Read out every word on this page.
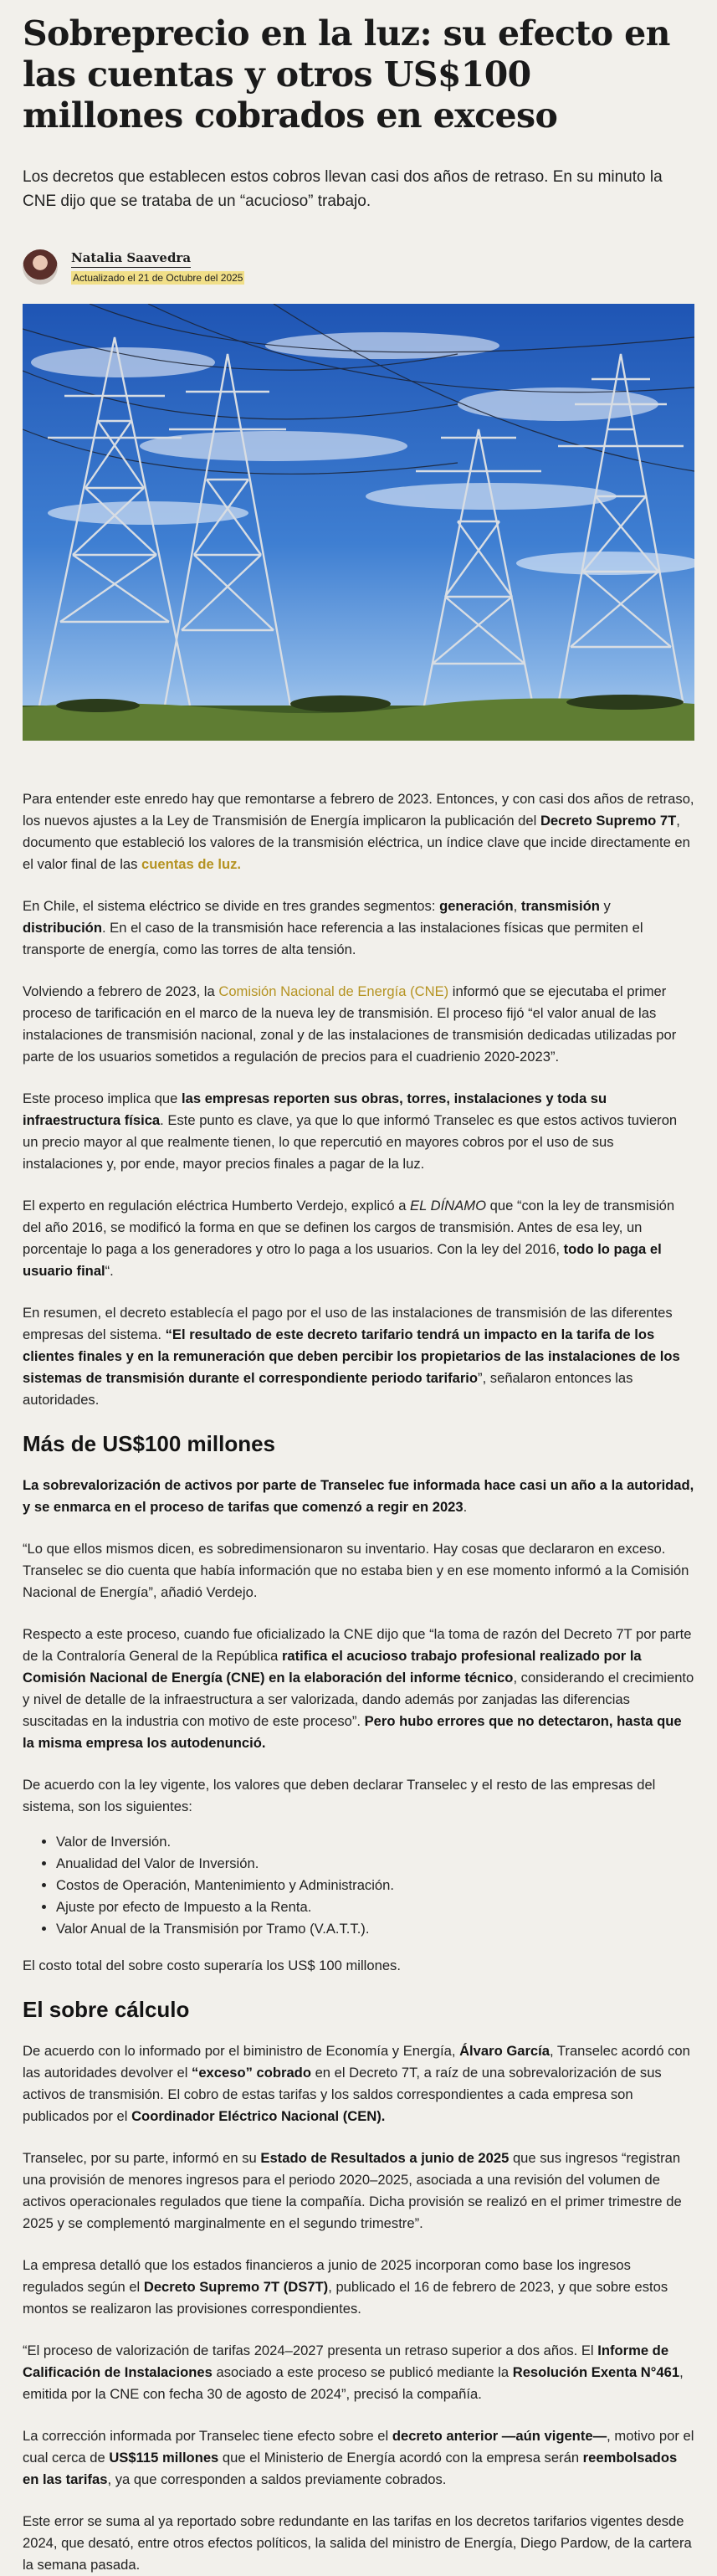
Sobreprecio en la luz: su efecto en las cuentas y otros US$100 millones cobrados en exceso

Los decretos que establecen estos cobros llevan casi dos años de retraso. En su minuto la CNE dijo que se trataba de un “acucioso” trabajo.

Natalia Saavedra
Actualizado el 21 de Octubre del 2025

Para entender este enredo hay que remontarse a febrero de 2023. Entonces, y con casi dos años de retraso, los nuevos ajustes a la Ley de Transmisión de Energía implicaron la publicación del Decreto Supremo 7T, documento que estableció los valores de la transmisión eléctrica, un índice clave que incide directamente en el valor final de las cuentas de luz.

En Chile, el sistema eléctrico se divide en tres grandes segmentos: generación, transmisión y distribución. En el caso de la transmisión hace referencia a las instalaciones físicas que permiten el transporte de energía, como las torres de alta tensión.

Volviendo a febrero de 2023, la Comisión Nacional de Energía (CNE) informó que se ejecutaba el primer proceso de tarificación en el marco de la nueva ley de transmisión. El proceso fijó “el valor anual de las instalaciones de transmisión nacional, zonal y de las instalaciones de transmisión dedicadas utilizadas por parte de los usuarios sometidos a regulación de precios para el cuadrienio 2020-2023”.

Este proceso implica que las empresas reporten sus obras, torres, instalaciones y toda su infraestructura física. Este punto es clave, ya que lo que informó Transelec es que estos activos tuvieron un precio mayor al que realmente tienen, lo que repercutió en mayores cobros por el uso de sus instalaciones y, por ende, mayor precios finales a pagar de la luz.

El experto en regulación eléctrica Humberto Verdejo, explicó a EL DÍNAMO que “con la ley de transmisión del año 2016, se modificó la forma en que se definen los cargos de transmisión. Antes de esa ley, un porcentaje lo paga a los generadores y otro lo paga a los usuarios. Con la ley del 2016, todo lo paga el usuario final“.

En resumen, el decreto establecía el pago por el uso de las instalaciones de transmisión de las diferentes empresas del sistema. “El resultado de este decreto tarifario tendrá un impacto en la tarifa de los clientes finales y en la remuneración que deben percibir los propietarios de las instalaciones de los sistemas de transmisión durante el correspondiente periodo tarifario”, señalaron entonces las autoridades.

Más de US$100 millones

La sobrevalorización de activos por parte de Transelec fue informada hace casi un año a la autoridad, y se enmarca en el proceso de tarifas que comenzó a regir en 2023.

“Lo que ellos mismos dicen, es sobredimensionaron su inventario. Hay cosas que declararon en exceso. Transelec se dio cuenta que había información que no estaba bien y en ese momento informó a la Comisión Nacional de Energía”, añadió Verdejo.

Respecto a este proceso, cuando fue oficializado la CNE dijo que “la toma de razón del Decreto 7T por parte de la Contraloría General de la República ratifica el acucioso trabajo profesional realizado por la Comisión Nacional de Energía (CNE) en la elaboración del informe técnico, considerando el crecimiento y nivel de detalle de la infraestructura a ser valorizada, dando además por zanjadas las diferencias suscitadas en la industria con motivo de este proceso”. Pero hubo errores que no detectaron, hasta que la misma empresa los autodenunció.

De acuerdo con la ley vigente, los valores que deben declarar Transelec y el resto de las empresas del sistema, son los siguientes:

• Valor de Inversión.
• Anualidad del Valor de Inversión.
• Costos de Operación, Mantenimiento y Administración.
• Ajuste por efecto de Impuesto a la Renta.
• Valor Anual de la Transmisión por Tramo (V.A.T.T.).

El costo total del sobre costo superaría los US$ 100 millones.

El sobre cálculo

De acuerdo con lo informado por el biministro de Economía y Energía, Álvaro García, Transelec acordó con las autoridades devolver el “exceso” cobrado en el Decreto 7T, a raíz de una sobrevalorización de sus activos de transmisión. El cobro de estas tarifas y los saldos correspondientes a cada empresa son publicados por el Coordinador Eléctrico Nacional (CEN).

Transelec, por su parte, informó en su Estado de Resultados a junio de 2025 que sus ingresos “registran una provisión de menores ingresos para el periodo 2020–2025, asociada a una revisión del volumen de activos operacionales regulados que tiene la compañía. Dicha provisión se realizó en el primer trimestre de 2025 y se complementó marginalmente en el segundo trimestre”.

La empresa detalló que los estados financieros a junio de 2025 incorporan como base los ingresos regulados según el Decreto Supremo 7T (DS7T), publicado el 16 de febrero de 2023, y que sobre estos montos se realizaron las provisiones correspondientes.

“El proceso de valorización de tarifas 2024–2027 presenta un retraso superior a dos años. El Informe de Calificación de Instalaciones asociado a este proceso se publicó mediante la Resolución Exenta N°461, emitida por la CNE con fecha 30 de agosto de 2024”, precisó la compañía.

La corrección informada por Transelec tiene efecto sobre el decreto anterior —aún vigente—, motivo por el cual cerca de US$115 millones que el Ministerio de Energía acordó con la empresa serán reembolsados en las tarifas, ya que corresponden a saldos previamente cobrados.

Este error se suma al ya reportado sobre redundante en las tarifas en los decretos tarifarios vigentes desde 2024, que desató, entre otros efectos políticos, la salida del ministro de Energía, Diego Pardow, de la cartera la semana pasada.
